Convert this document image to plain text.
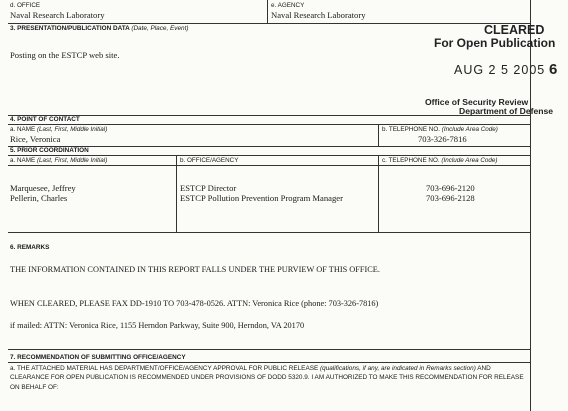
d. OFFICE
Naval Research Laboratory
e. AGENCY
Naval Research Laboratory
3. PRESENTATION/PUBLICATION DATA (Date, Place, Event)
Posting on the ESTCP web site.
CLEARED
For Open Publication
AUG 2 5 2005 6
Office of Security Review
Department of Defense
4. POINT OF CONTACT
a. NAME (Last, First, Middle Initial)
Rice, Veronica
b. TELEPHONE NO. (Include Area Code)
703-326-7816
5. PRIOR COORDINATION
a. NAME (Last, First, Middle Initial)	b. OFFICE/AGENCY	c. TELEPHONE NO. (Include Area Code)
Marquesee, Jeffrey
Pellerin, Charles
ESTCP Director
ESTCP Pollution Prevention Program Manager
703-696-2120
703-696-2128
6. REMARKS
THE INFORMATION CONTAINED IN THIS REPORT FALLS UNDER THE PURVIEW OF THIS OFFICE.
WHEN CLEARED, PLEASE FAX DD-1910 TO 703-478-0526. ATTN: Veronica Rice (phone: 703-326-7816)
if mailed: ATTN: Veronica Rice, 1155 Herndon Parkway, Suite 900, Herndon, VA 20170
7. RECOMMENDATION OF SUBMITTING OFFICE/AGENCY
a. THE ATTACHED MATERIAL HAS DEPARTMENT/OFFICE/AGENCY APPROVAL FOR PUBLIC RELEASE (qualifications, if any, are indicated in Remarks section) AND CLEARANCE FOR OPEN PUBLICATION IS RECOMMENDED UNDER PROVISIONS OF DODD 5320.9. I AM AUTHORIZED TO MAKE THIS RECOMMENDATION FOR RELEASE ON BEHALF OF:
